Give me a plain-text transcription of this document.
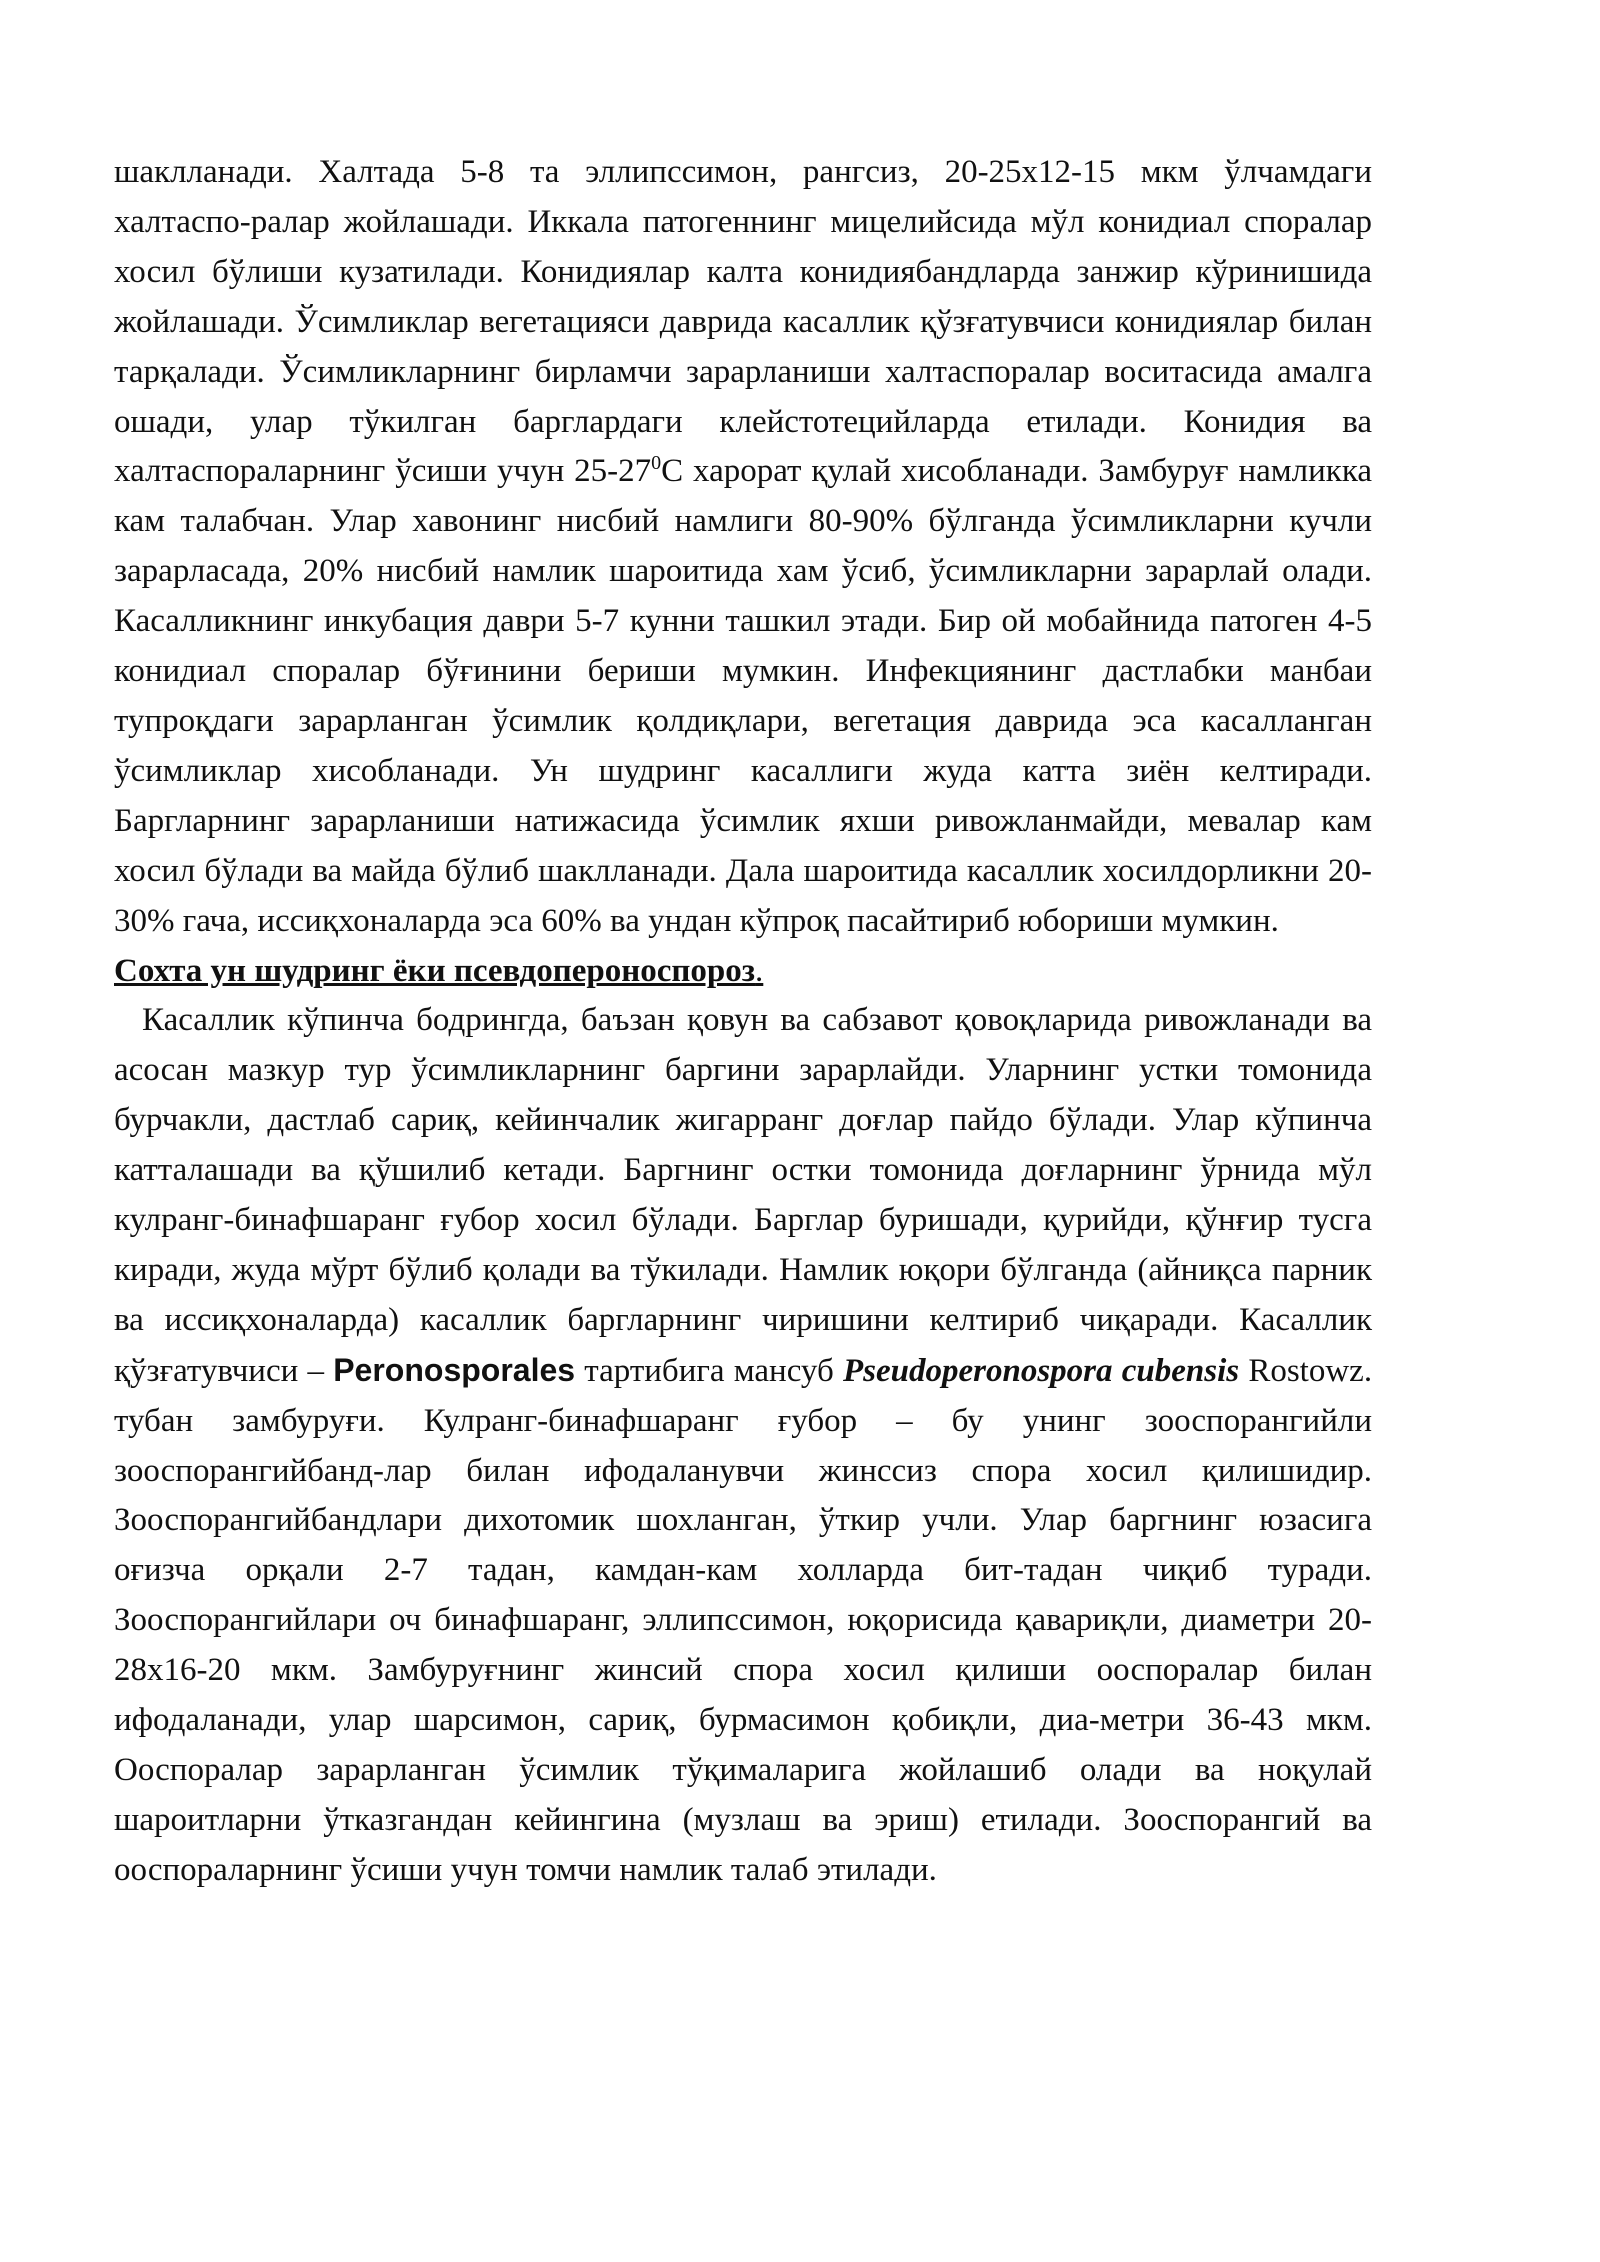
шаклланади. Халтада 5-8 та эллипссимон, рангсиз, 20-25х12-15 мкм ўлчамдаги халтаспо-ралар жойлашади. Иккала патогеннинг мицелийсида мўл конидиал споралар хосил бўлиши кузатилади. Конидиялар калта конидиябандларда занжир кўринишида жойлашади. Ўсимликлар вегетацияси даврида касаллик қўзғатувчиси конидиялар билан тарқалади. Ўсимликларнинг бирламчи зарарланиши халтаспоралар воситасида амалга ошади, улар тўкилган барглардаги клейстотецийларда етилади. Конидия ва халтаспораларнинг ўсиши учун $25-27^0С$ харорат қулай хисобланади. Замбуруғ намликка кам талабчан. Улар хавонинг нисбий намлиги 80-90% бўлганда ўсимликларни кучли зарарласада, 20% нисбий намлик шароитида хам ўсиб, ўсимликларни зарарлай олади. Касалликнинг инкубация даври 5-7 кунни ташкил этади. Бир ой мобайнида патоген 4-5 конидиал споралар бўғинини бериши мумкин. Инфекциянинг дастлабки манбаи тупроқдаги зарарланган ўсимлик қолдиқлари, вегетация даврида эса касалланган ўсимликлар хисобланади. Ун шудринг касаллиги жуда катта зиён келтиради. Баргларнинг зарарланиши натижасида ўсимлик яхши ривожланмайди, мевалар кам хосил бўлади ва майда бўлиб шаклланади. Дала шароитида касаллик хосилдорликни 20-30% гача, иссиқхоналарда эса 60% ва ундан кўпроқ пасайтириб юбориши мумкин.

Сохта ун шудринг ёки псевдопероноспороз.

Касаллик кўпинча бодрингда, баъзан қовун ва сабзавот қовоқларида ривожланади ва асосан мазкур тур ўсимликларнинг баргини зарарлайди. Уларнинг устки томонида бурчакли, дастлаб сариқ, кейинчалик жигарранг доғлар пайдо бўлади. Улар кўпинча катталашади ва қўшилиб кетади. Баргнинг остки томонида доғларнинг ўрнида мўл кулранг-бинафшаранг ғубор хосил бўлади. Барглар буришади, қурийди, қўнғир тусга киради, жуда мўрт бўлиб қолади ва тўкилади. Намлик юқори бўлганда (айниқса парник ва иссиқхоналарда) касаллик баргларнинг чиришини келтириб чиқаради. Касаллик қўзғатувчиси – Peronosporales тартибига мансуб Pseudoperonospora cubensis Rostowz. тубан замбуруғи. Кулранг-бинафшаранг ғубор – бу унинг зооспорангийли зооспорангийбанд-лар билан ифодаланувчи жинссиз спора хосил қилишидир. Зооспорангийбандлари дихотомик шохланган, ўткир учли. Улар баргнинг юзасига оғизча орқали 2-7 тадан, камдан-кам холларда бит-тадан чиқиб туради. Зооспорангийлари оч бинафшаранг, эллипссимон, юқорисида қавариқли, диаметри 20-28х16-20 мкм. Замбуруғнинг жинсий спора хосил қилиши ооспоралар билан ифодаланади, улар шарсимон, сариқ, бурмасимон қобиқли, диа-метри 36-43 мкм. Ооспоралар зарарланган ўсимлик тўқималарига жойлашиб олади ва ноқулай шароитларни ўтказгандан кейингина (музлаш ва эриш) етилади. Зооспорангий ва ооспораларнинг ўсиши учун томчи намлик талаб этилади.
